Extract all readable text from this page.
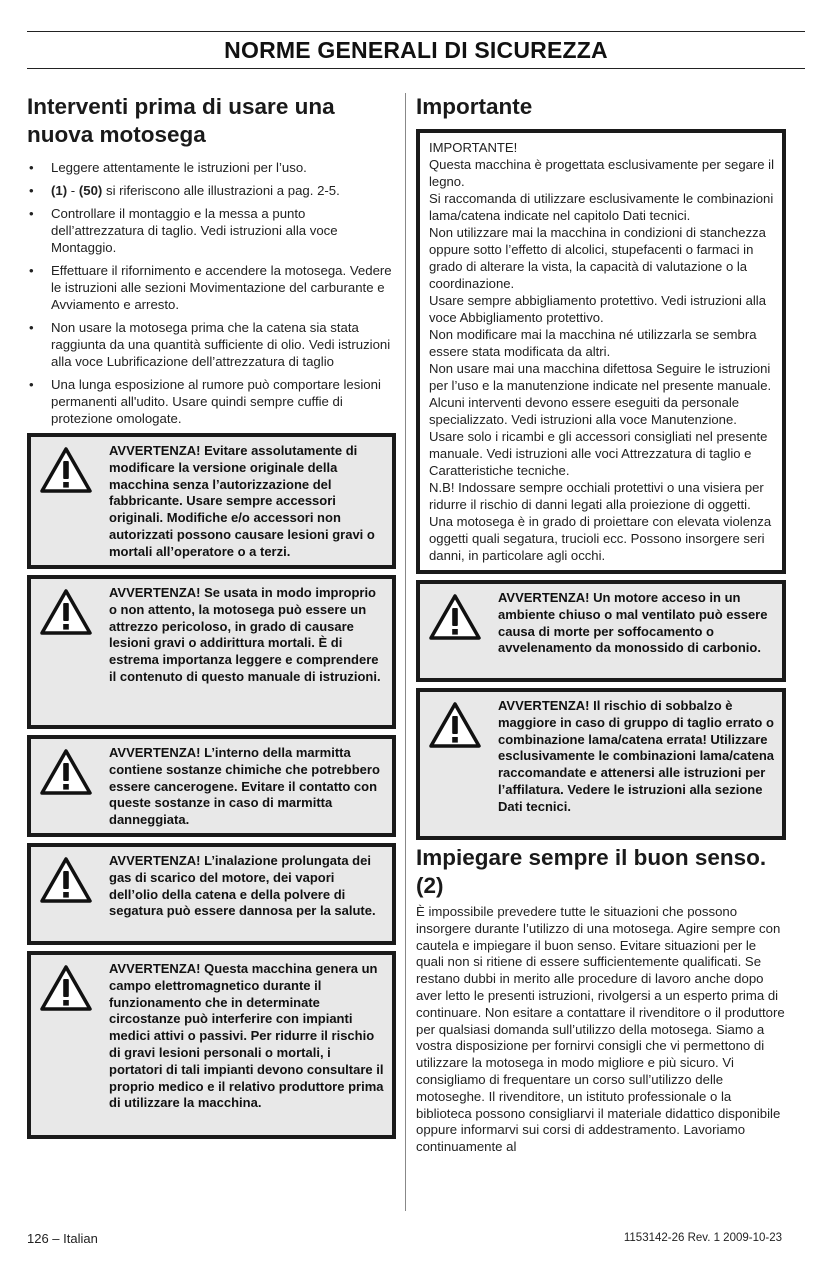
NORME GENERALI DI SICUREZZA
Interventi prima di usare una nuova motosega
• Leggere attentamente le istruzioni per l’uso.
• (1) - (50) si riferiscono alle illustrazioni a pag. 2-5.
• Controllare il montaggio e la messa a punto dell’attrezzatura di taglio. Vedi istruzioni alla voce Montaggio.
• Effettuare il rifornimento e accendere la motosega. Vedere le istruzioni alle sezioni Movimentazione del carburante e Avviamento e arresto.
• Non usare la motosega prima che la catena sia stata raggiunta da una quantità sufficiente di olio. Vedi istruzioni alla voce Lubrificazione dell’attrezzatura di taglio
• Una lunga esposizione al rumore può comportare lesioni permanenti all'udito. Usare quindi sempre cuffie di protezione omologate.
AVVERTENZA! Evitare assolutamente di modificare la versione originale della macchina senza l’autorizzazione del fabbricante. Usare sempre accessori originali. Modifiche e/o accessori non autorizzati possono causare lesioni gravi o mortali all’operatore o a terzi.
AVVERTENZA! Se usata in modo improprio o non attento, la motosega può essere un attrezzo pericoloso, in grado di causare lesioni gravi o addirittura mortali. È di estrema importanza leggere e comprendere il contenuto di questo manuale di istruzioni.
AVVERTENZA! L’interno della marmitta contiene sostanze chimiche che potrebbero essere cancerogene. Evitare il contatto con queste sostanze in caso di marmitta danneggiata.
AVVERTENZA! L’inalazione prolungata dei gas di scarico del motore, dei vapori dell’olio della catena e della polvere di segatura può essere dannosa per la salute.
AVVERTENZA! Questa macchina genera un campo elettromagnetico durante il funzionamento che in determinate circostanze può interferire con impianti medici attivi o passivi. Per ridurre il rischio di gravi lesioni personali o mortali, i portatori di tali impianti devono consultare il proprio medico e il relativo produttore prima di utilizzare la macchina.
Importante

IMPORTANTE!

Questa macchina è progettata esclusivamente per segare il legno.

Si raccomanda di utilizzare esclusivamente le combinazioni lama/catena indicate nel capitolo Dati tecnici.

Non utilizzare mai la macchina in condizioni di stanchezza oppure sotto l’effetto di alcolici, stupefacenti o farmaci in grado di alterare la vista, la capacità di valutazione o la coordinazione.

Usare sempre abbigliamento protettivo. Vedi istruzioni alla voce Abbigliamento protettivo.

Non modificare mai la macchina né utilizzarla se sembra essere stata modificata da altri.

Non usare mai una macchina difettosa Seguire le istruzioni per l’uso e la manutenzione indicate nel presente manuale. Alcuni interventi devono essere eseguiti da personale specializzato. Vedi istruzioni alla voce Manutenzione.

Usare solo i ricambi e gli accessori consigliati nel presente manuale. Vedi istruzioni alle voci Attrezzatura di taglio e Caratteristiche tecniche.

N.B! Indossare sempre occhiali protettivi o una visiera per ridurre il rischio di danni legati alla proiezione di oggetti. Una motosega è in grado di proiettare con elevata violenza oggetti quali segatura, trucioli ecc. Possono insorgere seri danni, in particolare agli occhi.

AVVERTENZA! Un motore acceso in un ambiente chiuso o mal ventilato può essere causa di morte per soffocamento o avvelenamento da monossido di carbonio.
AVVERTENZA! Il rischio di sobbalzo è maggiore in caso di gruppo di taglio errato o combinazione lama/catena errata! Utilizzare esclusivamente le combinazioni lama/catena raccomandate e attenersi alle istruzioni per l’affilatura. Vedere le istruzioni alla sezione Dati tecnici.
Impiegare sempre il buon senso. (2)

È impossibile prevedere tutte le situazioni che possono insorgere durante l’utilizzo di una motosega. Agire sempre con cautela e impiegare il buon senso. Evitare situazioni per le quali non si ritiene di essere sufficientemente qualificati. Se restano dubbi in merito alle procedure di lavoro anche dopo aver letto le presenti istruzioni, rivolgersi a un esperto prima di continuare. Non esitare a contattare il rivenditore o il produttore per qualsiasi domanda sull’utilizzo della motosega. Siamo a vostra disposizione per fornirvi consigli che vi permettono di utilizzare la motosega in modo migliore e più sicuro. Vi consigliamo di frequentare un corso sull’utilizzo delle motoseghe. Il rivenditore, un istituto professionale o la biblioteca possono consigliarvi il materiale didattico disponibile oppure informarvi sui corsi di addestramento. Lavoriamo continuamente al

126 – Italian	1153142-26 Rev. 1 2009-10-23
